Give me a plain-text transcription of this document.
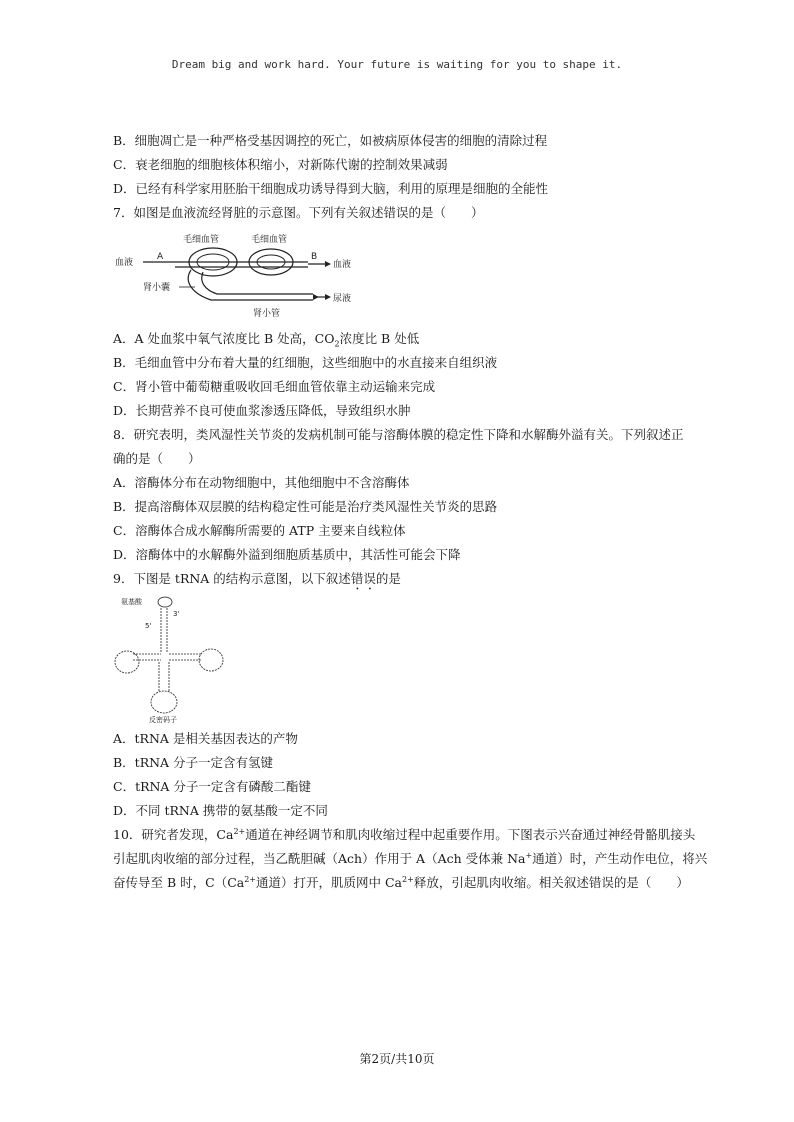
Dream big and work hard. Your future is waiting for you to shape it.
B．细胞凋亡是一种严格受基因调控的死亡，如被病原体侵害的细胞的清除过程
C．衰老细胞的细胞核体积缩小，对新陈代谢的控制效果减弱
D．已经有科学家用胚胎干细胞成功诱导得到大脑，利用的原理是细胞的全能性
7．如图是血液流经肾脏的示意图。下列有关叙述错误的是（　　）
血液
A
毛细血管	毛细血管
B
血液
肾小囊
尿液
肾小管
A．A 处血浆中氧气浓度比 B 处高，$CO_2$浓度比 B 处低
B．毛细血管中分布着大量的红细胞，这些细胞中的水直接来自组织液
C．肾小管中葡萄糖重吸收回毛细血管依靠主动运输来完成
D．长期营养不良可使血浆渗透压降低，导致组织水肿
8．研究表明，类风湿性关节炎的发病机制可能与溶酶体膜的稳定性下降和水解酶外溢有关。下列叙述正
确的是（　　）
A．溶酶体分布在动物细胞中，其他细胞中不含溶酶体
B．提高溶酶体双层膜的结构稳定性可能是治疗类风湿性关节炎的思路
C．溶酶体合成水解酶所需要的 ATP 主要来自线粒体
D．溶酶体中的水解酶外溢到细胞质基质中，其活性可能会下降
9．下图是 tRNA 的结构示意图，以下叙述错误的是
氨基酸
3'
5'
反密码子
A．tRNA 是相关基因表达的产物
B．tRNA 分子一定含有氢键
C．tRNA 分子一定含有磷酸二酯键
D．不同 tRNA 携带的氨基酸一定不同
10．研究者发现，$Ca^{2+}$通道在神经调节和肌肉收缩过程中起重要作用。下图表示兴奋通过神经骨骼肌接头
引起肌肉收缩的部分过程，当乙酰胆碱（Ach）作用于 A（Ach 受体兼 Na+通道）时，产生动作电位，将兴
奋传导至 B 时，$C(Ca^{2+}$通道）打开，肌质网中 $Ca^{2+}$释放，引起肌肉收缩。相关叙述错误的是（　　）
第2页/共10页
